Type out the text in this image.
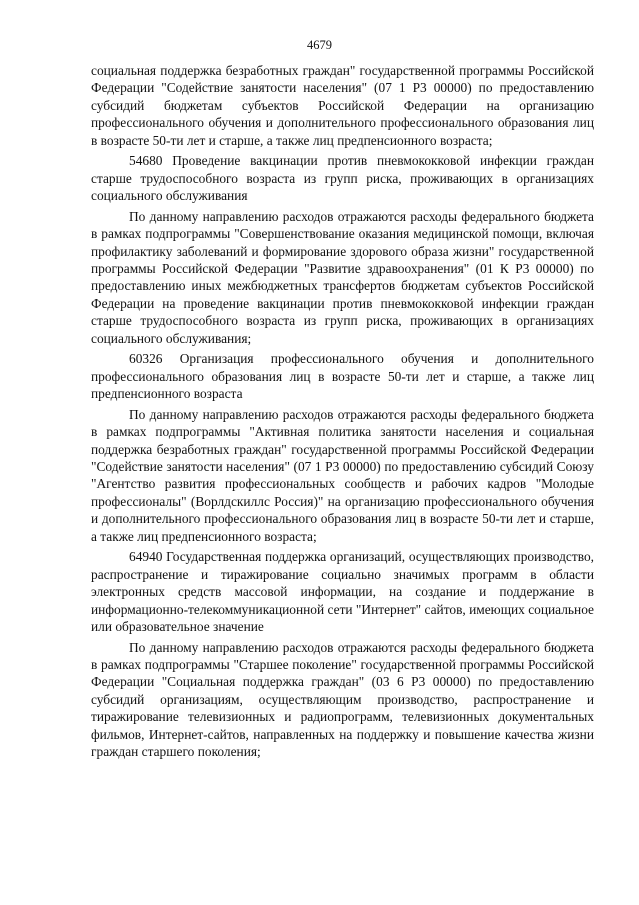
4679

социальная поддержка безработных граждан" государственной программы Российской Федерации "Содействие занятости населения" (07 1 Р3 00000) по предоставлению субсидий бюджетам субъектов Российской Федерации на организацию профессионального обучения и дополнительного профессионального образования лиц в возрасте 50-ти лет и старше, а также лиц предпенсионного возраста;

54680 Проведение вакцинации против пневмококковой инфекции граждан старше трудоспособного возраста из групп риска, проживающих в организациях социального обслуживания

По данному направлению расходов отражаются расходы федерального бюджета в рамках подпрограммы "Совершенствование оказания медицинской помощи, включая профилактику заболеваний и формирование здорового образа жизни" государственной программы Российской Федерации "Развитие здравоохранения" (01 К Р3 00000) по предоставлению иных межбюджетных трансфертов бюджетам субъектов Российской Федерации на проведение вакцинации против пневмококковой инфекции граждан старше трудоспособного возраста из групп риска, проживающих в организациях социального обслуживания;

60326 Организация профессионального обучения и дополнительного профессионального образования лиц в возрасте 50-ти лет и старше, а также лиц предпенсионного возраста

По данному направлению расходов отражаются расходы федерального бюджета в рамках подпрограммы "Активная политика занятости населения и социальная поддержка безработных граждан" государственной программы Российской Федерации "Содействие занятости населения" (07 1 Р3 00000) по предоставлению субсидий Союзу "Агентство развития профессиональных сообществ и рабочих кадров "Молодые профессионалы" (Ворлдскиллс Россия)" на организацию профессионального обучения и дополнительного профессионального образования лиц в возрасте 50-ти лет и старше, а также лиц предпенсионного возраста;

64940 Государственная поддержка организаций, осуществляющих производство, распространение и тиражирование социально значимых программ в области электронных средств массовой информации, на создание и поддержание в информационно-телекоммуникационной сети "Интернет" сайтов, имеющих социальное или образовательное значение

По данному направлению расходов отражаются расходы федерального бюджета в рамках подпрограммы "Старшее поколение" государственной программы Российской Федерации "Социальная поддержка граждан" (03 6 Р3 00000) по предоставлению субсидий организациям, осуществляющим производство, распространение и тиражирование телевизионных и радиопрограмм, телевизионных документальных фильмов, Интернет-сайтов, направленных на поддержку и повышение качества жизни граждан старшего поколения;
